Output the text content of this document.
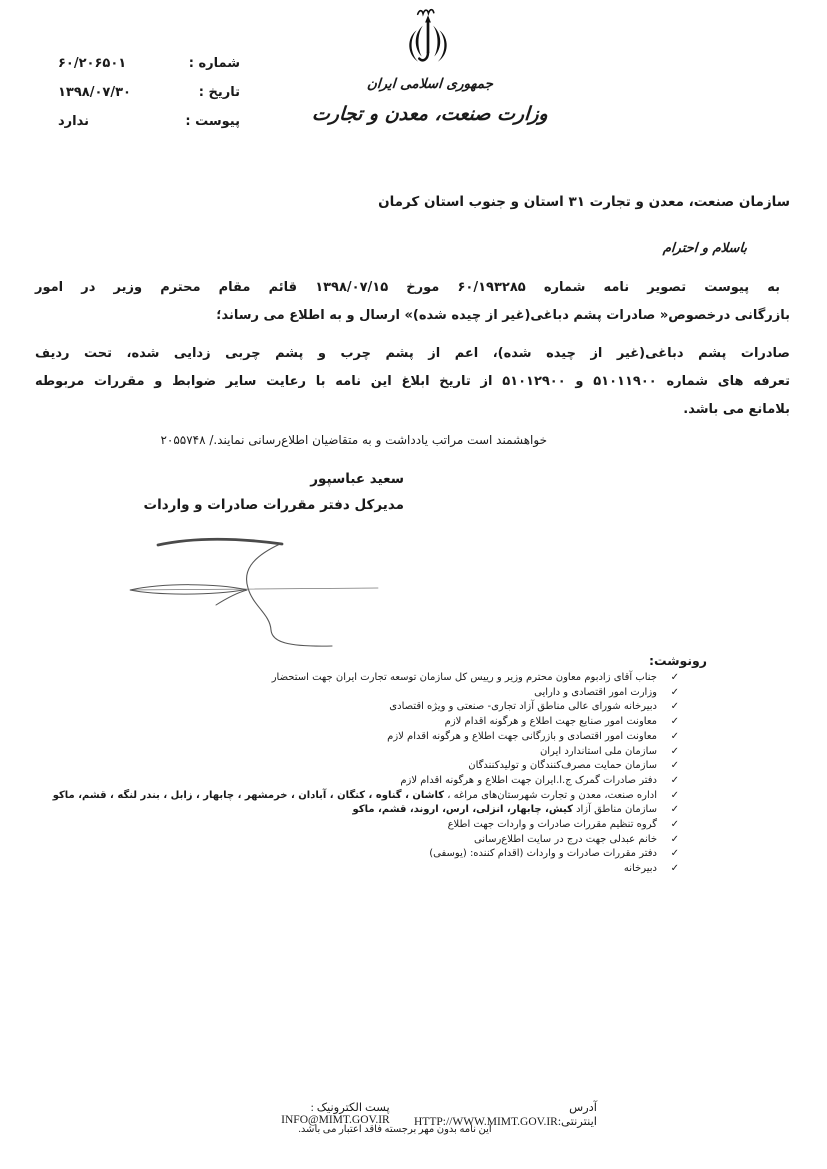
شماره :
۶۰/۲۰۶۵۰۱
تاریخ :
۱۳۹۸/۰۷/۳۰
پیوست :
ندارد
جمهوری اسلامی ایران
وزارت صنعت، معدن و تجارت
سازمان صنعت، معدن و تجارت ۳۱ استان و جنوب استان کرمان
باسلام و احترام
به پیوست تصویر نامه شماره ۶۰/۱۹۳۲۸۵ مورخ ۱۳۹۸/۰۷/۱۵ قائم مقام محترم وزیر در امور
بازرگانی درخصوص« صادرات پشم دباغی(غیر از چیده شده)» ارسال و به اطلاع می رساند؛
صادرات پشم دباغی(غیر از چیده شده)، اعم از پشم چرب و پشم چربی زدایی شده، تحت ردیف
تعرفه های شماره ۵۱۰۱۱۹۰۰ و ۵۱۰۱۲۹۰۰ از تاریخ ابلاغ این نامه با رعایت سایر ضوابط و مقررات مربوطه
بلامانع می باشد.
خواهشمند است مراتب یادداشت و به متقاضیان اطلاع‌رسانی نمایند./ ۲۰۵۵۷۴۸
سعید عباسپور
مدیرکل دفتر مقررات صادرات و واردات
رونوشت:
✓
جناب آقای زادبوم معاون محترم وزیر و رییس کل سازمان توسعه تجارت ایران جهت استحضار
✓
وزارت امور اقتصادی و دارایی
✓
دبیرخانه شورای عالی مناطق آزاد تجاری- صنعتی و ویژه اقتصادی
✓
معاونت امور صنایع جهت اطلاع و هرگونه اقدام لازم
✓
معاونت امور اقتصادی و بازرگانی جهت اطلاع و هرگونه اقدام لازم
✓
سازمان ملی استاندارد ایران
✓
سازمان حمایت مصرف‌کنندگان و تولیدکنندگان
✓
دفتر صادرات گمرک ج.ا.ایران جهت اطلاع و هرگونه اقدام لازم
✓
اداره صنعت، معدن و تجارت شهرستان‌های مراغه ، کاشان ، گناوه ، کنگان ، آبادان ، خرمشهر ، چابهار ، زابل ، بندر لنگه ، قشم، ماکو
✓
سازمان مناطق آزاد کیش، چابهار، انزلی، ارس، اروند، قشم، ماکو
✓
گروه تنظیم مقررات صادرات و واردات جهت اطلاع
✓
خانم عبدلی جهت درج در سایت اطلاع‌رسانی
✓
دفتر مقررات صادرات و واردات (اقدام کننده: (یوسفی)
✓
دبیرخانه
آدرس اینترنتی:HTTP://WWW.MIMT.GOV.IR
پست الکترونیک : INFO@MIMT.GOV.IR
این نامه بدون مهر برجسته فاقد اعتبار می باشد.
